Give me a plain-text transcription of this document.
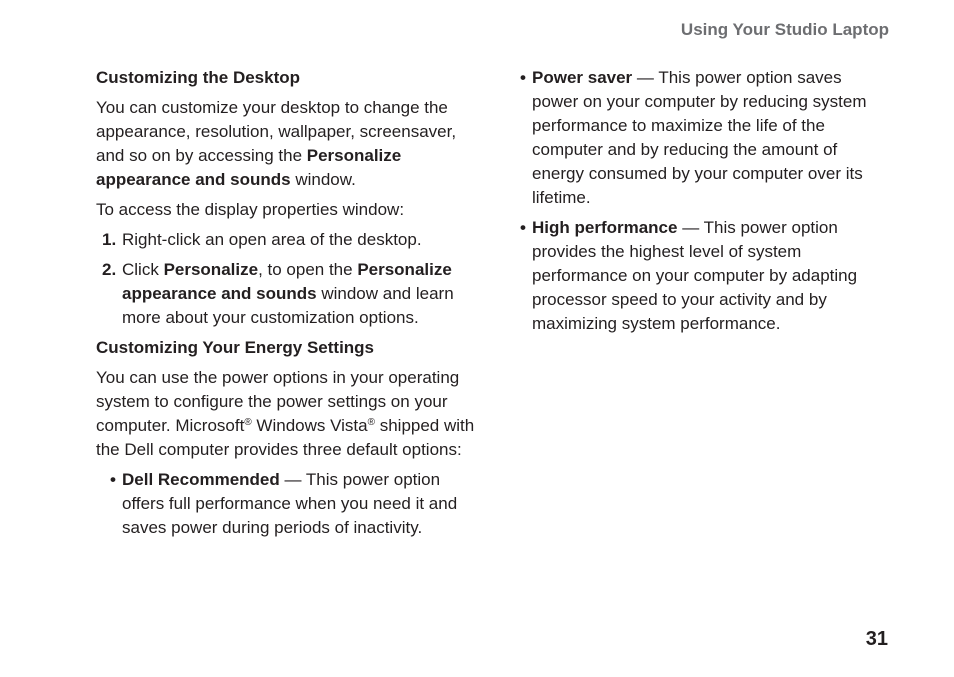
Using Your Studio Laptop
Customizing the Desktop

You can customize your desktop to change the appearance, resolution, wallpaper, screensaver, and so on by accessing the Personalize appearance and sounds window.

To access the display properties window:

1. Right-click an open area of the desktop.
2. Click Personalize, to open the Personalize appearance and sounds window and learn more about your customization options.
Customizing Your Energy Settings

You can use the power options in your operating system to configure the power settings on your computer. Microsoft® Windows Vista® shipped with the Dell computer provides three default options:

• Dell Recommended — This power option offers full performance when you need it and saves power during periods of inactivity.
• Power saver — This power option saves power on your computer by reducing system performance to maximize the life of the computer and by reducing the amount of energy consumed by your computer over its lifetime.
• High performance — This power option provides the highest level of system performance on your computer by adapting processor speed to your activity and by maximizing system performance.
31
